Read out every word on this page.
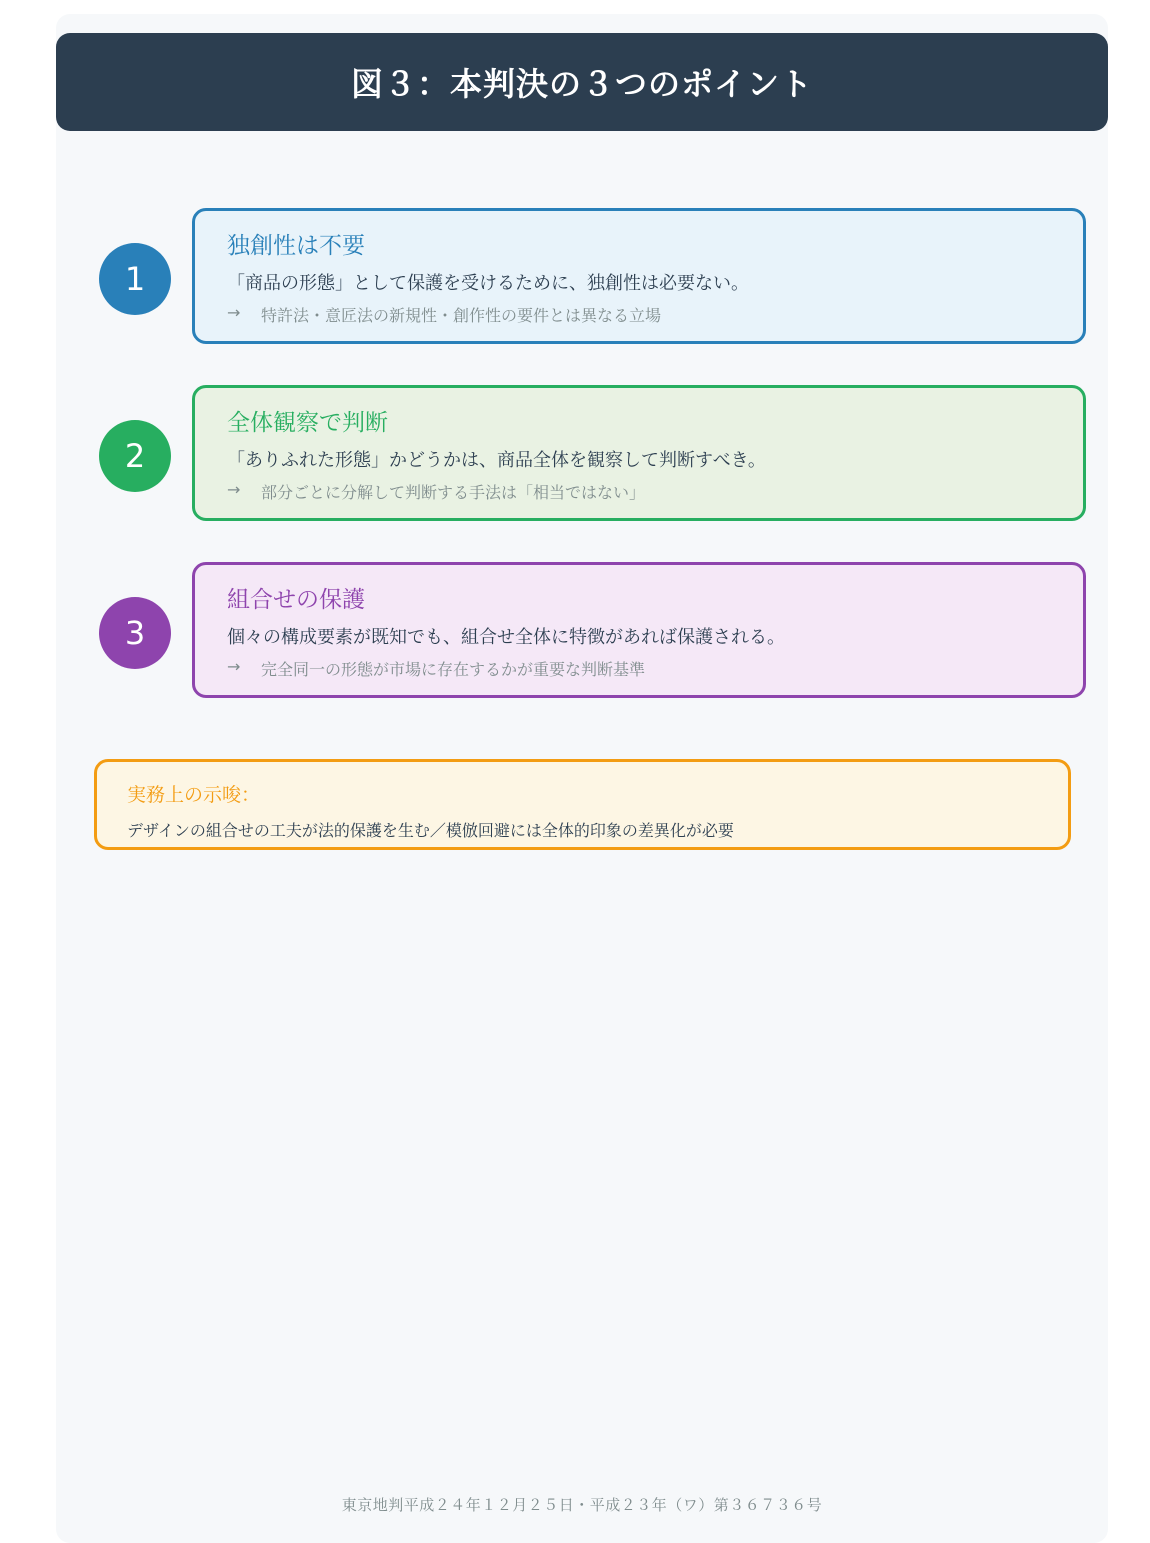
図３：本判決の３つのポイント
1
独創性は不要
「商品の形態」として保護を受けるために、独創性は必要ない。
→	特許法・意匠法の新規性・創作性の要件とは異なる立場
2
全体観察で判断
「ありふれた形態」かどうかは、商品全体を観察して判断すべき。
→	部分ごとに分解して判断する手法は「相当ではない」
3
組合せの保護
個々の構成要素が既知でも、組合せ全体に特徴があれば保護される。
→	完全同一の形態が市場に存在するかが重要な判断基準
実務上の示唆：
デザインの組合せの工夫が法的保護を生む／模倣回避には全体的印象の差異化が必要
東京地判平成２４年１２月２５日・平成２３年（ワ）第３６７３６号
